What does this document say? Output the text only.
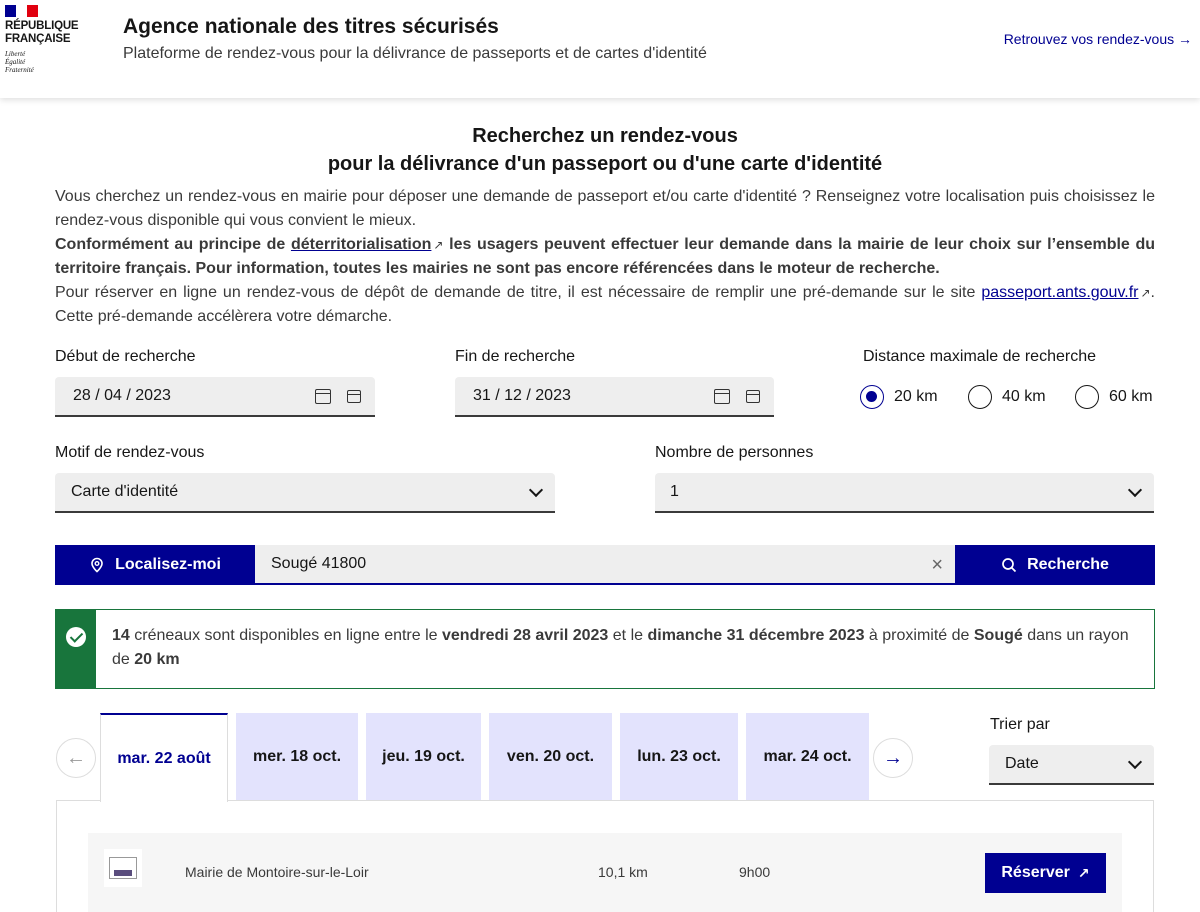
RÉPUBLIQUE
FRANÇAISE
Liberté
Égalité
Fraternité
Agence nationale des titres sécurisés
Plateforme de rendez-vous pour la délivrance de passeports et de cartes d'identité
Retrouvez vos rendez-vous →
Recherchez un rendez-vous
pour la délivrance d'un passeport ou d'une carte d'identité
Vous cherchez un rendez-vous en mairie pour déposer une demande de passeport et/ou carte d'identité ? Renseignez votre localisation puis choisissez le rendez-vous disponible qui vous convient le mieux.
Conformément au principe de déterritorialisation ↗ les usagers peuvent effectuer leur demande dans la mairie de leur choix sur l’ensemble du territoire français. Pour information, toutes les mairies ne sont pas encore référencées dans le moteur de recherche.
Pour réserver en ligne un rendez-vous de dépôt de demande de titre, il est nécessaire de remplir une pré-demande sur le site passeport.ants.gouv.fr ↗. Cette pré-demande accélèrera votre démarche.
Début de recherche
28 / 04 / 2023
Fin de recherche
31 / 12 / 2023
Distance maximale de recherche
20 km	40 km	60 km
Motif de rendez-vous
Carte d'identité
Nombre de personnes
1
Localisez-moi	Sougé 41800	×	Recherche
14 créneaux sont disponibles en ligne entre le vendredi 28 avril 2023 et le dimanche 31 décembre 2023 à proximité de Sougé dans un rayon de 20 km
← mar. 22 août	mer. 18 oct.	jeu. 19 oct.	ven. 20 oct.	lun. 23 oct.	mar. 24 oct. →
Trier par
Date
Mairie de Montoire-sur-le-Loir	10,1 km	9h00	Réserver ↗
